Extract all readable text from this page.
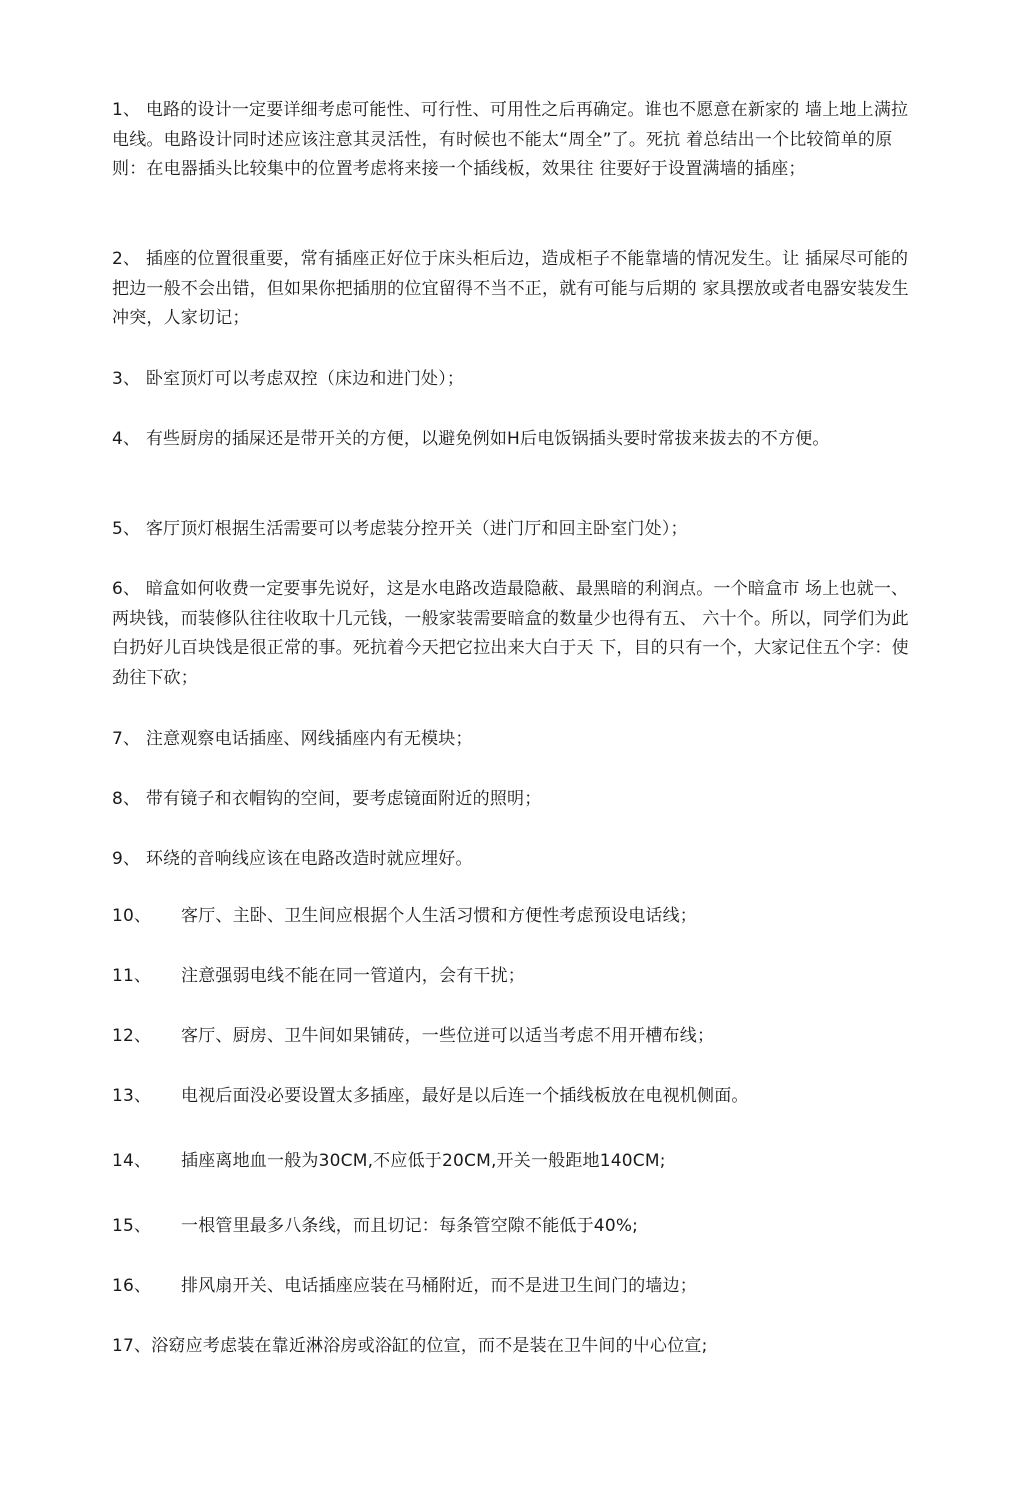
1、 电路的设计一定要详细考虑可能性、可行性、可用性之后再确定。谁也不愿意在新家的 墙上地上满拉电线。电路设计同时述应该注意其灵活性，有时候也不能太“周全”了。死抗 着总结出一个比较简单的原则：在电器插头比较集中的位置考虑将来接一个插线板，效果往 往要好于设置满墙的插座；
2、 插座的位置很重要，常有插座正好位于床头柜后边，造成柜子不能靠墙的情况发生。让 插屎尽可能的把边一般不会出错，但如果你把插朋的位宜留得不当不正，就有可能与后期的 家具摆放或者电器安装发生冲突，人家切记；
3、 卧室顶灯可以考虑双控（床边和进门处）；
4、 有些厨房的插屎还是带开关的方便，以避免例如H后电饭锅插头要时常拔来拔去的不方便。
5、 客厅顶灯根据生活需要可以考虑装分控开关（进门厅和回主卧室门处）；
6、 暗盒如何收费一定要事先说好，这是水电路改造最隐蔽、最黑暗的利润点。一个暗盒市 场上也就一、两块钱，而装修队往往收取十几元钱，一般家装需要暗盒的数量少也得有五、 六十个。所以，同学们为此白扔好儿百块饯是很正常的事。死抗着今天把它拉出来大白于天 下，目的只有一个，大家记住五个字：使劲往下砍；
7、 注意观察电话插座、网线插座内有无模块；
8、 带有镜子和衣帽钩的空间，要考虑镜面附近的照明；
9、 环绕的音响线应该在电路改造时就应埋好。
10、 客厅、主卧、卫生间应根据个人生活习惯和方便性考虑预设电话线；
11、 注意强弱电线不能在同一管道内，会有干扰；
12、 客厅、厨房、卫牛间如果铺砖，一些位迸可以适当考虑不用开槽布线；
13、 电视后面没必要设置太多插座，最好是以后连一个插线板放在电视机侧面。
14、 插座离地血一般为30CM,不应低于20CM,开关一般距地140CM;
15、 一根管里最多八条线，而且切记：每条管空隙不能低于40%;
16、 排风扇开关、电话插座应装在马桶附近，而不是进卫生间门的墙边；
17、浴窈应考虑装在靠近淋浴房或浴缸的位宣，而不是装在卫牛间的屮心位宣;
